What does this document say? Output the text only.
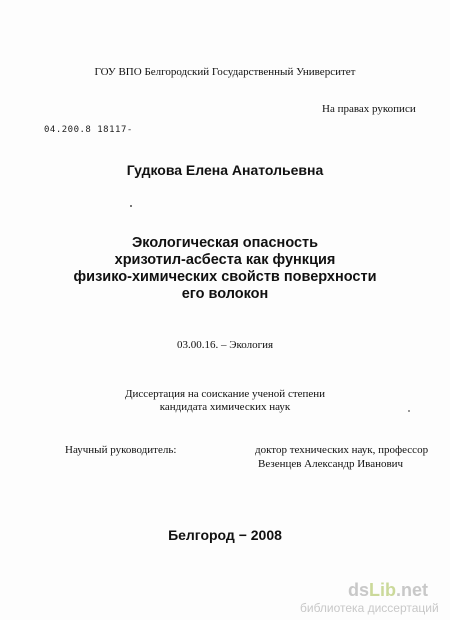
ГОУ ВПО Белгородский Государственный Университет
На правах рукописи
04.200.8 18117-
Гудкова Елена Анатольевна
Экологическая опасность
хризотил-асбеста как функция
физико-химических свойств поверхности
его волокон
03.00.16. – Экология
Диссертация на соискание ученой степени
кандидата химических наук
Научный руководитель:	доктор технических наук, профессор
Везенцев Александр Иванович
Белгород − 2008
dsLib.net
библиотека диссертаций
